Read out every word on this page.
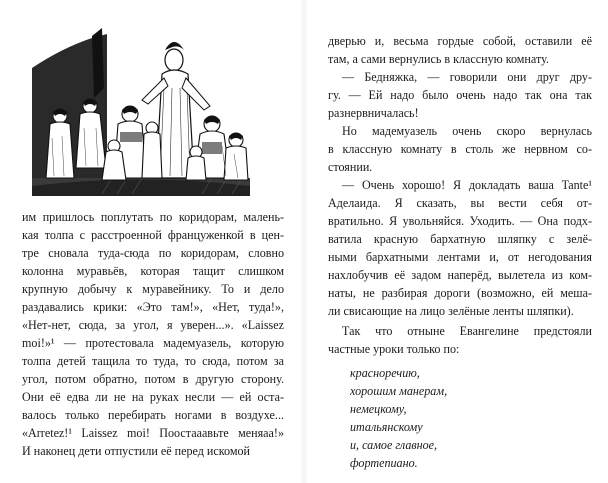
им пришлось поплутать по коридорам, малень-
кая толпа с расстроенной француженкой в цен-
тре сновала туда-сюда по коридорам, словно
колонна муравьёв, которая тащит слишком
крупную добычу к муравейнику. То и дело
раздавались крики: «Это там!», «Нет, туда!»,
«Нет-нет, сюда, за угол, я уверен...». «Laissez
moi!»¹ — протестовала мадемуазель, которую
толпа детей тащила то туда, то сюда, потом за
угол, потом обратно, потом в другую сторону.
Они её едва ли не на руках несли — ей оста-
валось только перебирать ногами в воздухе...
«Arretez!¹ Laissez moi! Поостааавьте меняаа!»
И наконец дети отпустили её перед искомой
дверью и, весьма гордые собой, оставили её
там, а сами вернулись в классную комнату.
— Бедняжка, — говорили они друг дру-
гу. — Ей надо было очень надо так она так
разнервничалась!
Но мадемуазель очень скоро вернулась
в классную комнату в столь же нервном со-
стоянии.
— Очень хорошо! Я докладать ваша Tante¹
Аделаида. Я сказать, вы вести себя от-
вратильно. Я увольняйся. Уходить. — Она подх-
ватила красную бархатную шляпку с зелё-
ными бархатными лентами и, от негодования
нахлобучив её задом наперёд, вылетела из ком-
наты, не разбирая дороги (возможно, ей меша-
ли свисающие на лицо зелёные ленты шляпки).
Так что отныне Евангелине предстояли
частные уроки только по:
красноречию,
хорошим манерам,
немецкому,
итальянскому
и, самое главное,
фортепиано.
